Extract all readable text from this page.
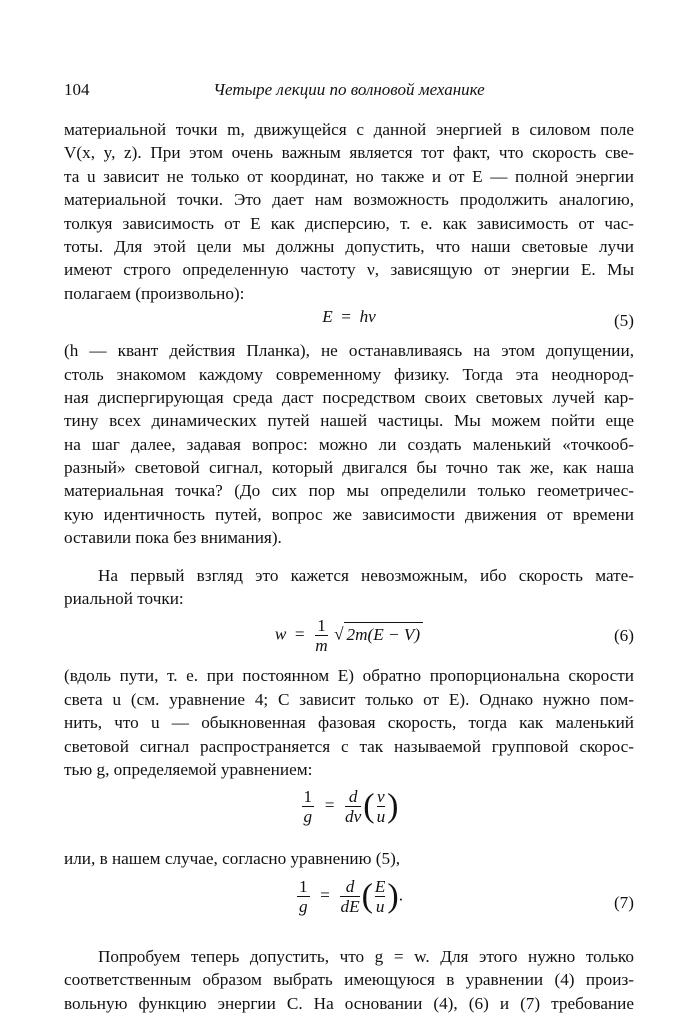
104	Четыре лекции по волновой механике
материальной точки m, движущейся с данной энергией в силовом поле
V(x, y, z). При этом очень важным является тот факт, что скорость све-
та u зависит не только от координат, но также и от E — полной энергии
материальной точки. Это дает нам возможность продолжить аналогию,
толкуя зависимость от E как дисперсию, т. е. как зависимость от час-
тоты. Для этой цели мы должны допустить, что наши световые лучи
имеют строго определенную частоту ν, зависящую от энергии E. Мы
полагаем (произвольно):
E  =  hν	(5)
(h — квант действия Планка), не останавливаясь на этом допущении,
столь знакомом каждому современному физику. Тогда эта неоднород-
ная диспергирующая среда даст посредством своих световых лучей кар-
тину всех динамических путей нашей частицы. Мы можем пойти еще
на шаг далее, задавая вопрос: можно ли создать маленький «точкооб-
разный» световой сигнал, который двигался бы точно так же, как наша
материальная точка? (До сих пор мы определили только геометричес-
кую идентичность путей, вопрос же зависимости движения от времени
оставили пока без внимания).
На первый взгляд это кажется невозможным, ибо скорость мате-
риальной точки:
$w = \frac{1}{m}$ √ 2m(E − V)	(6)
(вдоль пути, т. е. при постоянном E) обратно пропорциональна скорости
света u (см. уравнение 4; C зависит только от E). Однако нужно пом-
нить, что u — обыкновенная фазовая скорость, тогда как маленький
световой сигнал распространяется с так называемой групповой скорос-
тью g, определяемой уравнением:
$\frac{1}{g} = \frac{d}{dv}$ ( $\frac{v}{u}$ )
или, в нашем случае, согласно уравнению (5),
$\frac{1}{g} = \frac{d}{dE}$ ( $\frac{E}{u}$ ).	(7)
Попробуем теперь допустить, что g = w. Для этого нужно только
соответственным образом выбрать имеющуюся в уравнении (4) произ-
вольную функцию энергии C. На основании (4), (6) и (7) требование
